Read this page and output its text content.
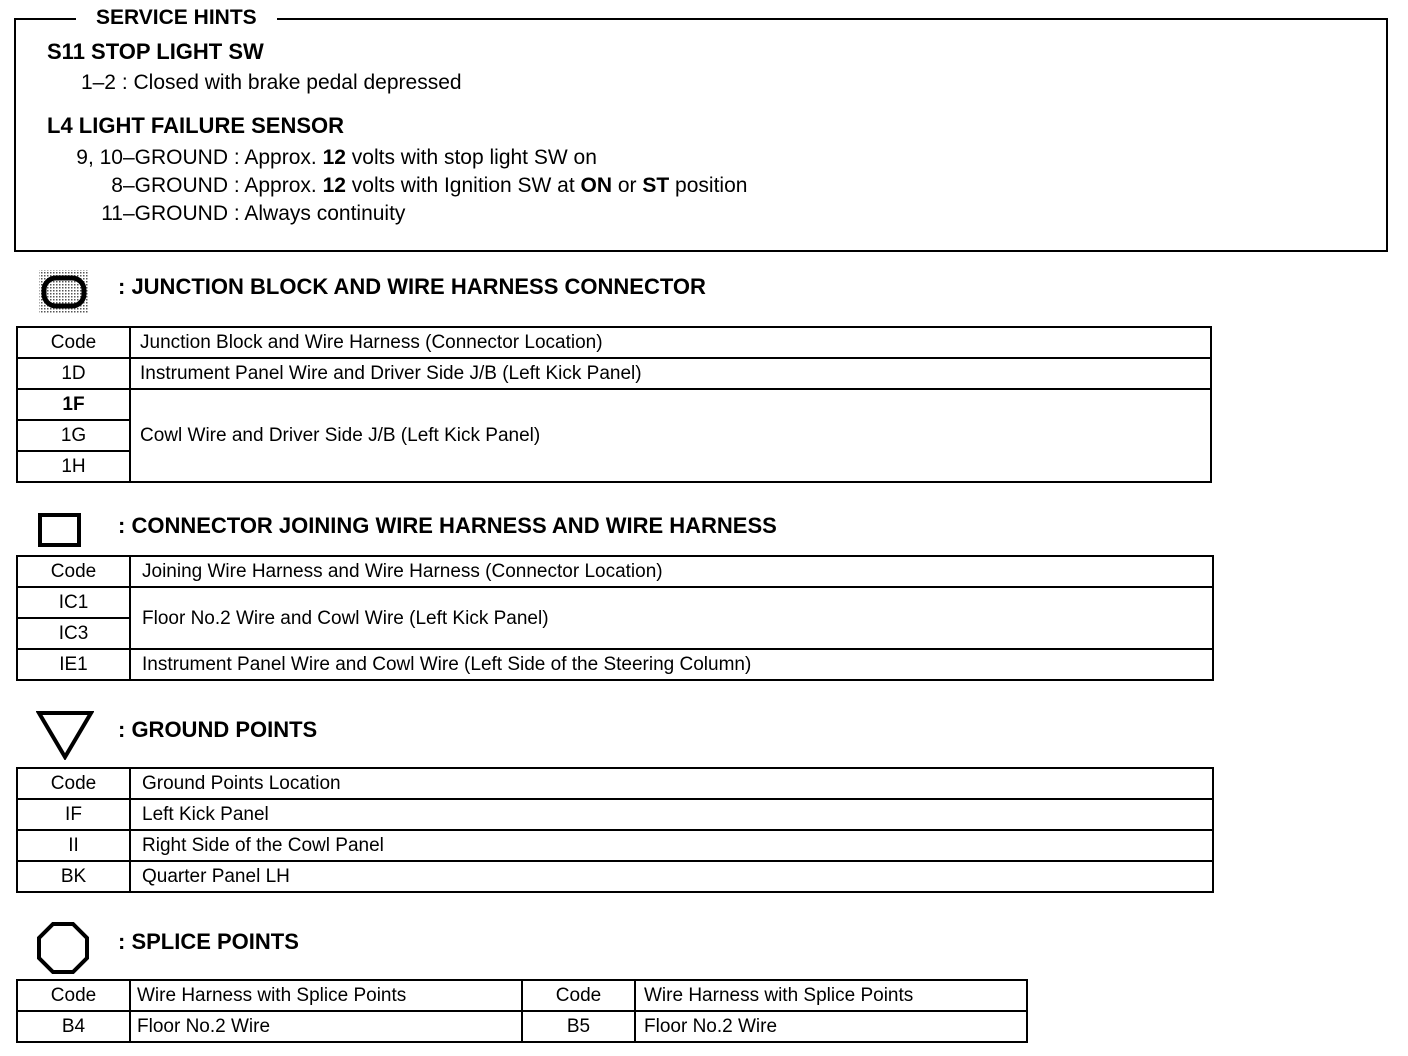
SERVICE HINTS
S11 STOP LIGHT SW
1–2 : Closed with brake pedal depressed
L4 LIGHT FAILURE SENSOR
9, 10–GROUND : Approx. 12 volts with stop light SW on
8–GROUND : Approx. 12 volts with Ignition SW at ON or ST position
11–GROUND : Always continuity
: JUNCTION BLOCK AND WIRE HARNESS CONNECTOR
Code	Junction Block and Wire Harness (Connector Location)
1D	Instrument Panel Wire and Driver Side J/B (Left Kick Panel)
1F	Cowl Wire and Driver Side J/B (Left Kick Panel)
1G	
1H	
: CONNECTOR JOINING WIRE HARNESS AND WIRE HARNESS
Code	Joining Wire Harness and Wire Harness (Connector Location)
IC1	Floor No.2 Wire and Cowl Wire (Left Kick Panel)
IC3	
IE1	Instrument Panel Wire and Cowl Wire (Left Side of the Steering Column)
: GROUND POINTS
Code	Ground Points Location
IF	Left Kick Panel
II	Right Side of the Cowl Panel
BK	Quarter Panel LH
: SPLICE POINTS
Code	Wire Harness with Splice Points	Code	Wire Harness with Splice Points
B4	Floor No.2 Wire	B5	Floor No.2 Wire
